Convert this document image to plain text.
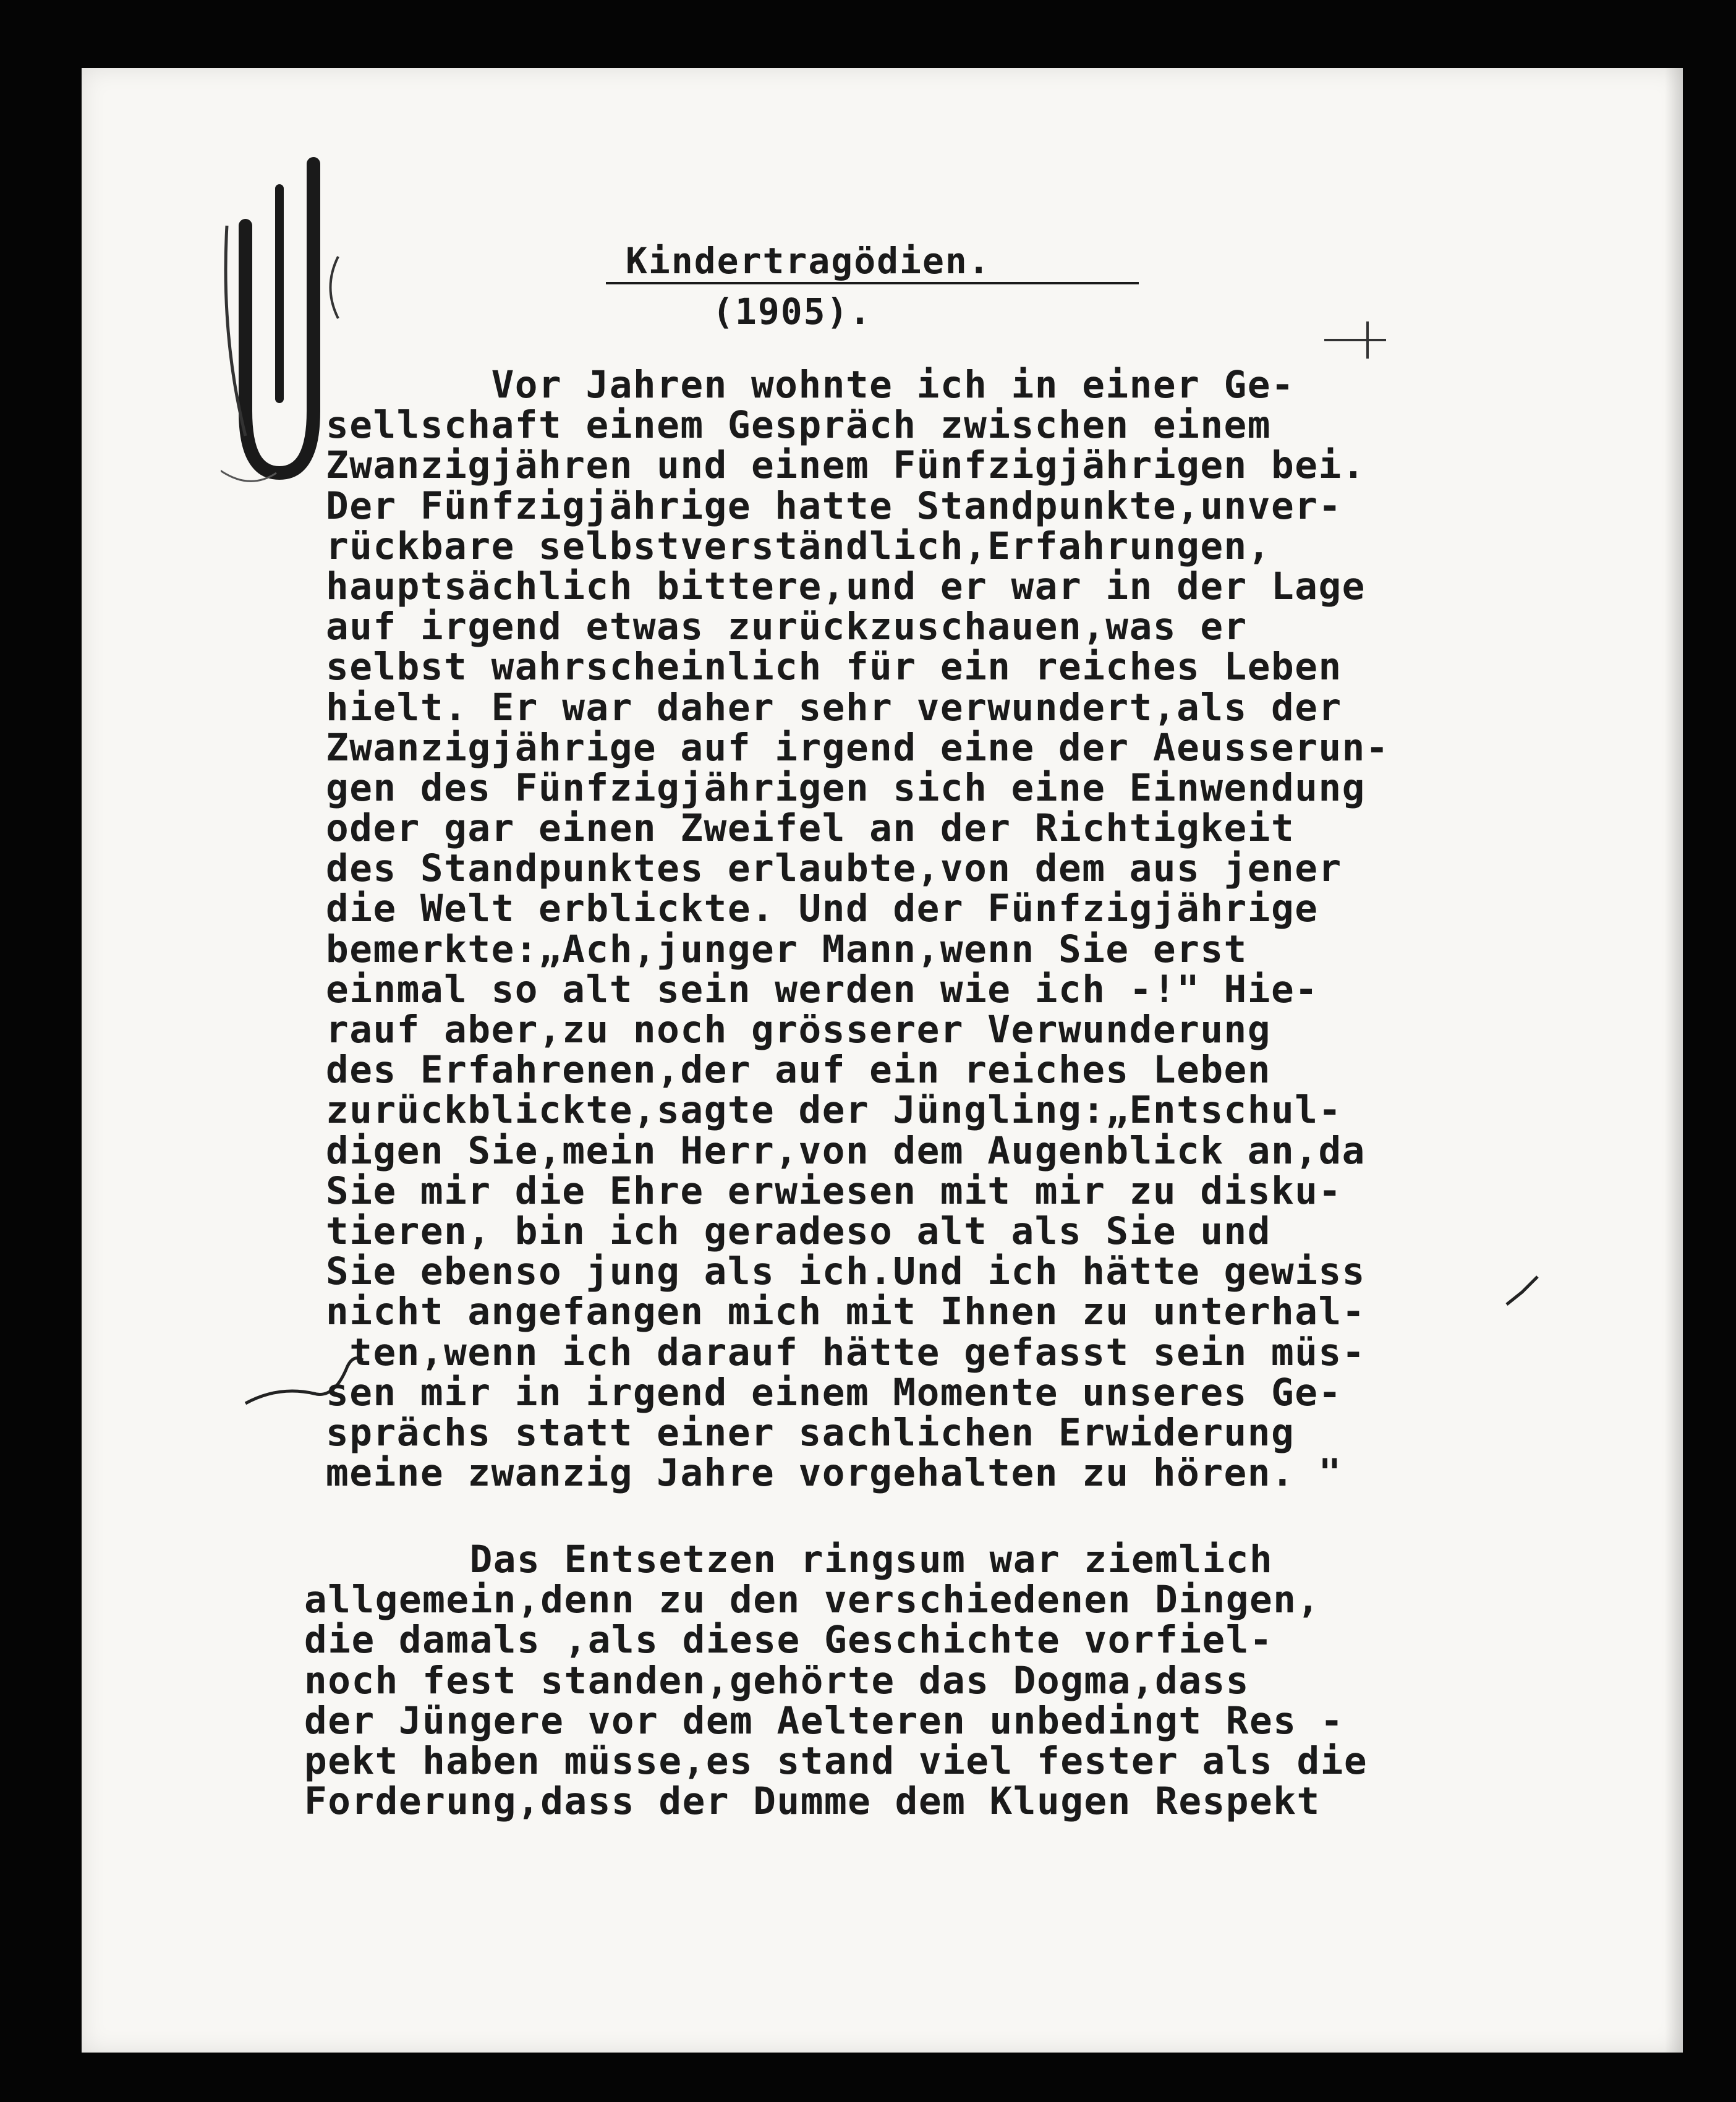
Kindertragödien.
(1905).
Vor Jahren wohnte ich in einer Ge-
sellschaft einem Gespräch zwischen einem
Zwanzigjähren und einem Fünfzigjährigen bei.
Der Fünfzigjährige hatte Standpunkte,unver-
rückbare selbstverständlich,Erfahrungen,
hauptsächlich bittere,und er war in der Lage
auf irgend etwas zurückzuschauen,was er
selbst wahrscheinlich für ein reiches Leben
hielt. Er war daher sehr verwundert,als der
Zwanzigjährige auf irgend eine der Aeusserun-
gen des Fünfzigjährigen sich eine Einwendung
oder gar einen Zweifel an der Richtigkeit
des Standpunktes erlaubte,von dem aus jener
die Welt erblickte. Und der Fünfzigjährige
bemerkte:„Ach,junger Mann,wenn Sie erst
einmal so alt sein werden wie ich -!" Hie-
rauf aber,zu noch grösserer Verwunderung
des Erfahrenen,der auf ein reiches Leben
zurückblickte,sagte der Jüngling:„Entschul-
digen Sie,mein Herr,von dem Augenblick an,da
Sie mir die Ehre erwiesen mit mir zu disku-
tieren, bin ich geradeso alt als Sie und
Sie ebenso jung als ich.Und ich hätte gewiss
nicht angefangen mich mit Ihnen zu unterhal-
ten,wenn ich darauf hätte gefasst sein müs-
sen mir in irgend einem Momente unseres Ge-
sprächs statt einer sachlichen Erwiderung
meine zwanzig Jahre vorgehalten zu hören. "
Das Entsetzen ringsum war ziemlich
allgemein,denn zu den verschiedenen Dingen,
die damals ,als diese Geschichte vorfiel-
noch fest standen,gehörte das Dogma,dass
der Jüngere vor dem Aelteren unbedingt Res -
pekt haben müsse,es stand viel fester als die
Forderung,dass der Dumme dem Klugen Respekt
